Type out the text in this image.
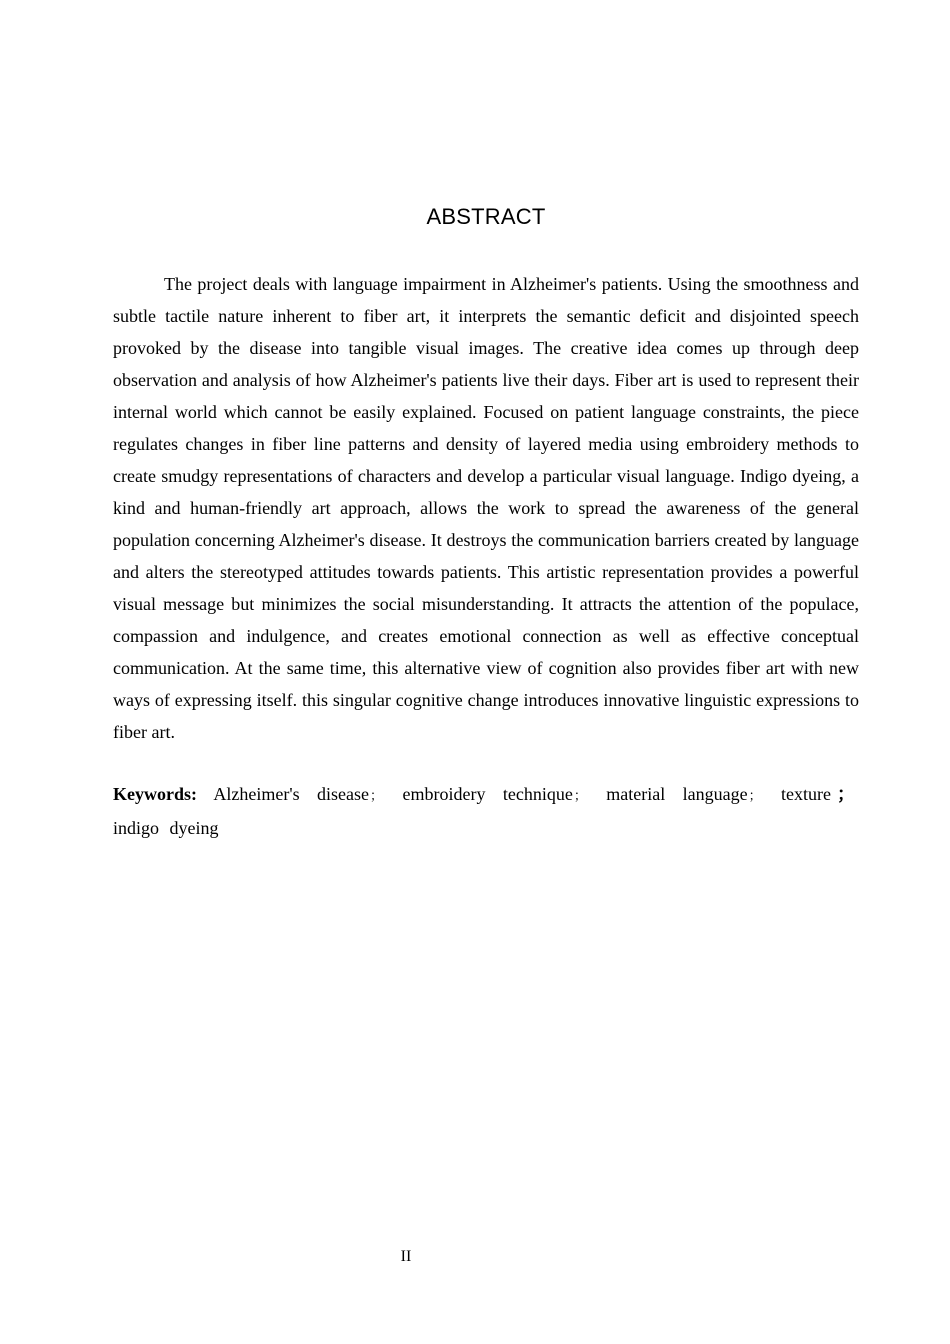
ABSTRACT

The project deals with language impairment in Alzheimer's patients. Using the smoothness and subtle tactile nature inherent to fiber art, it interprets the semantic deficit and disjointed speech provoked by the disease into tangible visual images. The creative idea comes up through deep observation and analysis of how Alzheimer's patients live their days. Fiber art is used to represent their internal world which cannot be easily explained. Focused on patient language constraints, the piece regulates changes in fiber line patterns and density of layered media using embroidery methods to create smudgy representations of characters and develop a particular visual language. Indigo dyeing, a kind and human-friendly art approach, allows the work to spread the awareness of the general population concerning Alzheimer's disease. It destroys the communication barriers created by language and alters the stereotyped attitudes towards patients. This artistic representation provides a powerful visual message but minimizes the social misunderstanding. It attracts the attention of the populace, compassion and indulgence, and creates emotional connection as well as effective conceptual communication. At the same time, this alternative view of cognition also provides fiber art with new ways of expressing itself. this singular cognitive change introduces innovative linguistic expressions to fiber art.

Keywords: Alzheimer's disease； embroidery technique； material language； texture ； indigo dyeing

II
